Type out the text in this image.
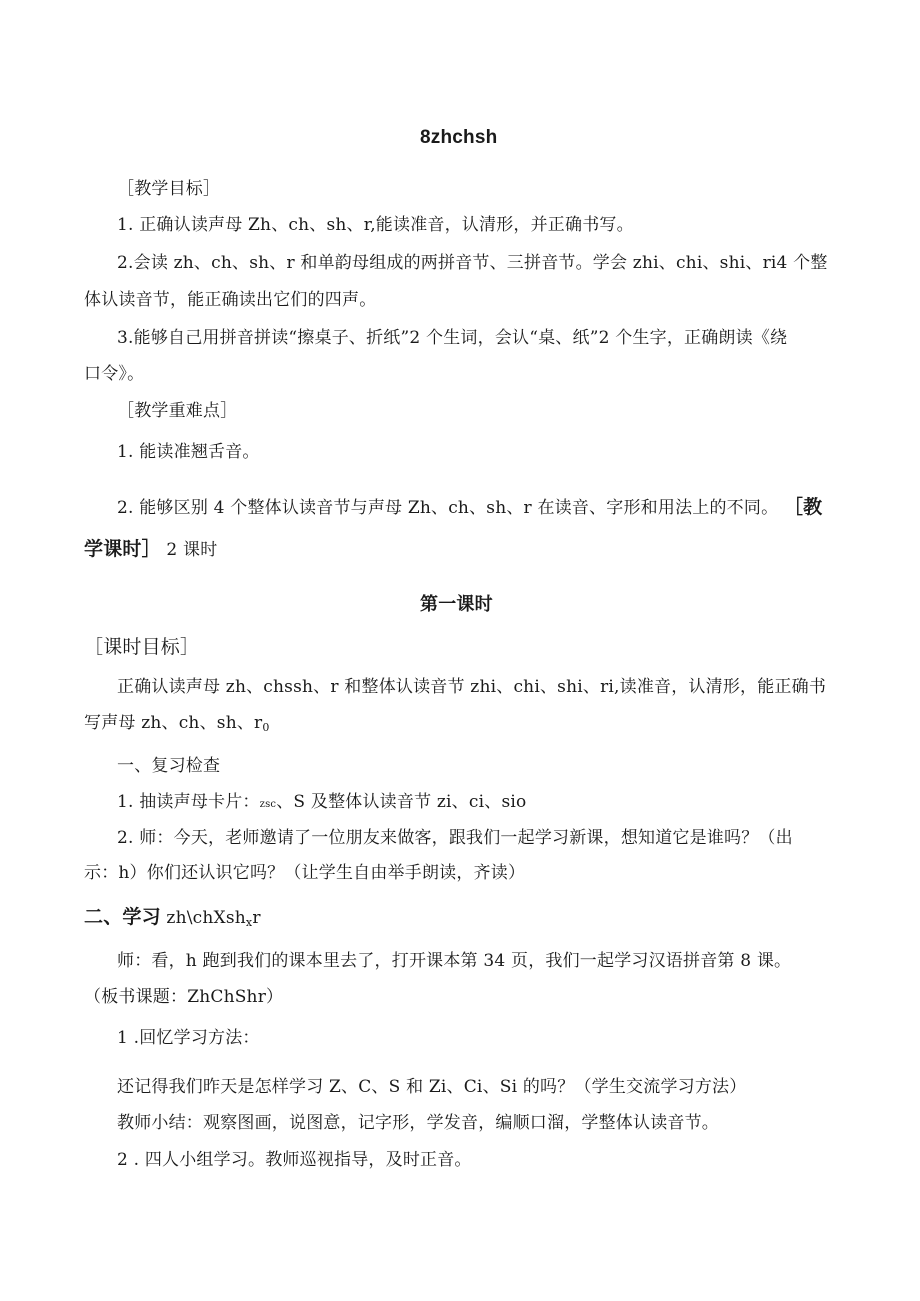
8zhchsh
［教学目标］
1. 正确认读声母 Zh、ch、sh、r,能读准音，认清形，并正确书写。
2.会读 zh、ch、sh、r 和单韵母组成的两拼音节、三拼音节。学会 zhi、chi、shi、ri4 个整
体认读音节，能正确读出它们的四声。
3.能够自己用拼音拼读“擦桌子、折纸”2 个生词，会认“桌、纸”2 个生字，正确朗读《绕
口令》。
［教学重难点］
1. 能读准翘舌音。
2. 能够区别 4 个整体认读音节与声母 Zh、ch、sh、r 在读音、字形和用法上的不同。 ［教
学课时］ 2 课时
第一课时
［课时目标］
正确认读声母 zh、chssh、r 和整体认读音节 zhi、chi、shi、ri,读准音，认清形，能正确书
写声母 zh、ch、sh、r0
一、复习检查
1. 抽读声母卡片：zsc、S 及整体认读音节 zi、ci、sio
2. 师：今天，老师邀请了一位朋友来做客，跟我们一起学习新课，想知道它是谁吗？（出
示：h）你们还认识它吗？（让学生自由举手朗读，齐读）
二、学习 zh\chXshxr
师：看，h 跑到我们的课本里去了，打开课本第 34 页，我们一起学习汉语拼音第 8 课。
（板书课题：ZhChShr）
1 .回忆学习方法：
还记得我们昨天是怎样学习 Z、C、S 和 Zi、Ci、Si 的吗？（学生交流学习方法）
教师小结：观察图画，说图意，记字形，学发音，编顺口溜，学整体认读音节。
2 . 四人小组学习。教师巡视指导，及时正音。
